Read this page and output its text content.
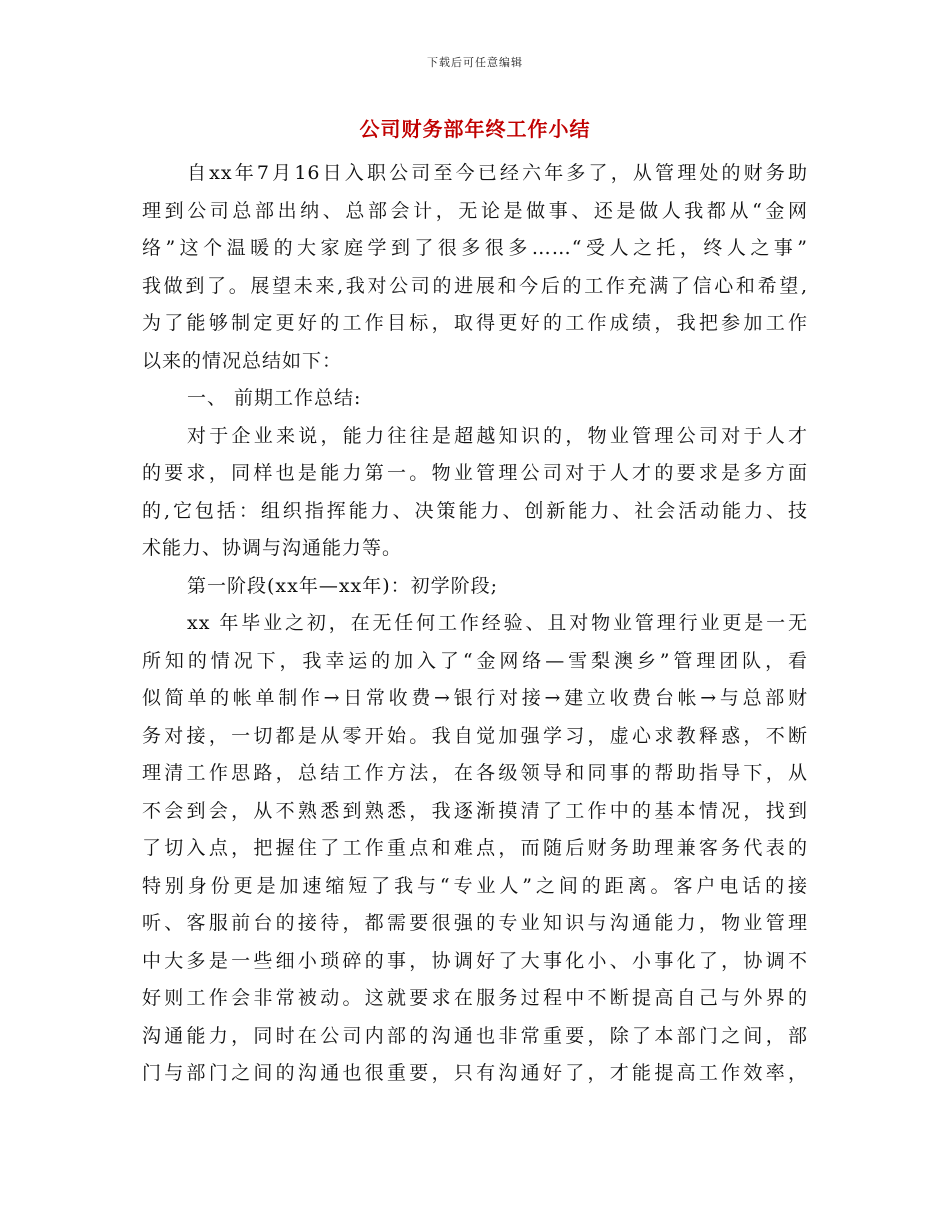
下载后可任意编辑
公司财务部年终工作小结
自xx年7月16日入职公司至今已经六年多了，从管理处的财务助
理到公司总部出纳、总部会计，无论是做事、还是做人我都从“金网
络”这个温暖的大家庭学到了很多很多……“受人之托，终人之事”
我做到了。展望未来,我对公司的进展和今后的工作充满了信心和希望,
为了能够制定更好的工作目标，取得更好的工作成绩，我把参加工作
以来的情况总结如下：
一、 前期工作总结:
对于企业来说，能力往往是超越知识的，物业管理公司对于人才
的要求，同样也是能力第一。物业管理公司对于人才的要求是多方面
的,它包括：组织指挥能力、决策能力、创新能力、社会活动能力、技
术能力、协调与沟通能力等。
第一阶段(xx年—xx年)：初学阶段;
xx 年毕业之初，在无任何工作经验、且对物业管理行业更是一无
所知的情况下，我幸运的加入了“金网络—雪梨澳乡”管理团队，看
似简单的帐单制作→日常收费→银行对接→建立收费台帐→与总部财
务对接，一切都是从零开始。我自觉加强学习，虚心求教释惑，不断
理清工作思路，总结工作方法，在各级领导和同事的帮助指导下，从
不会到会，从不熟悉到熟悉，我逐渐摸清了工作中的基本情况，找到
了切入点，把握住了工作重点和难点，而随后财务助理兼客务代表的
特别身份更是加速缩短了我与“专业人”之间的距离。客户电话的接
听、客服前台的接待，都需要很强的专业知识与沟通能力，物业管理
中大多是一些细小琐碎的事，协调好了大事化小、小事化了，协调不
好则工作会非常被动。这就要求在服务过程中不断提高自己与外界的
沟通能力，同时在公司内部的沟通也非常重要，除了本部门之间，部
门与部门之间的沟通也很重要，只有沟通好了，才能提高工作效率，
